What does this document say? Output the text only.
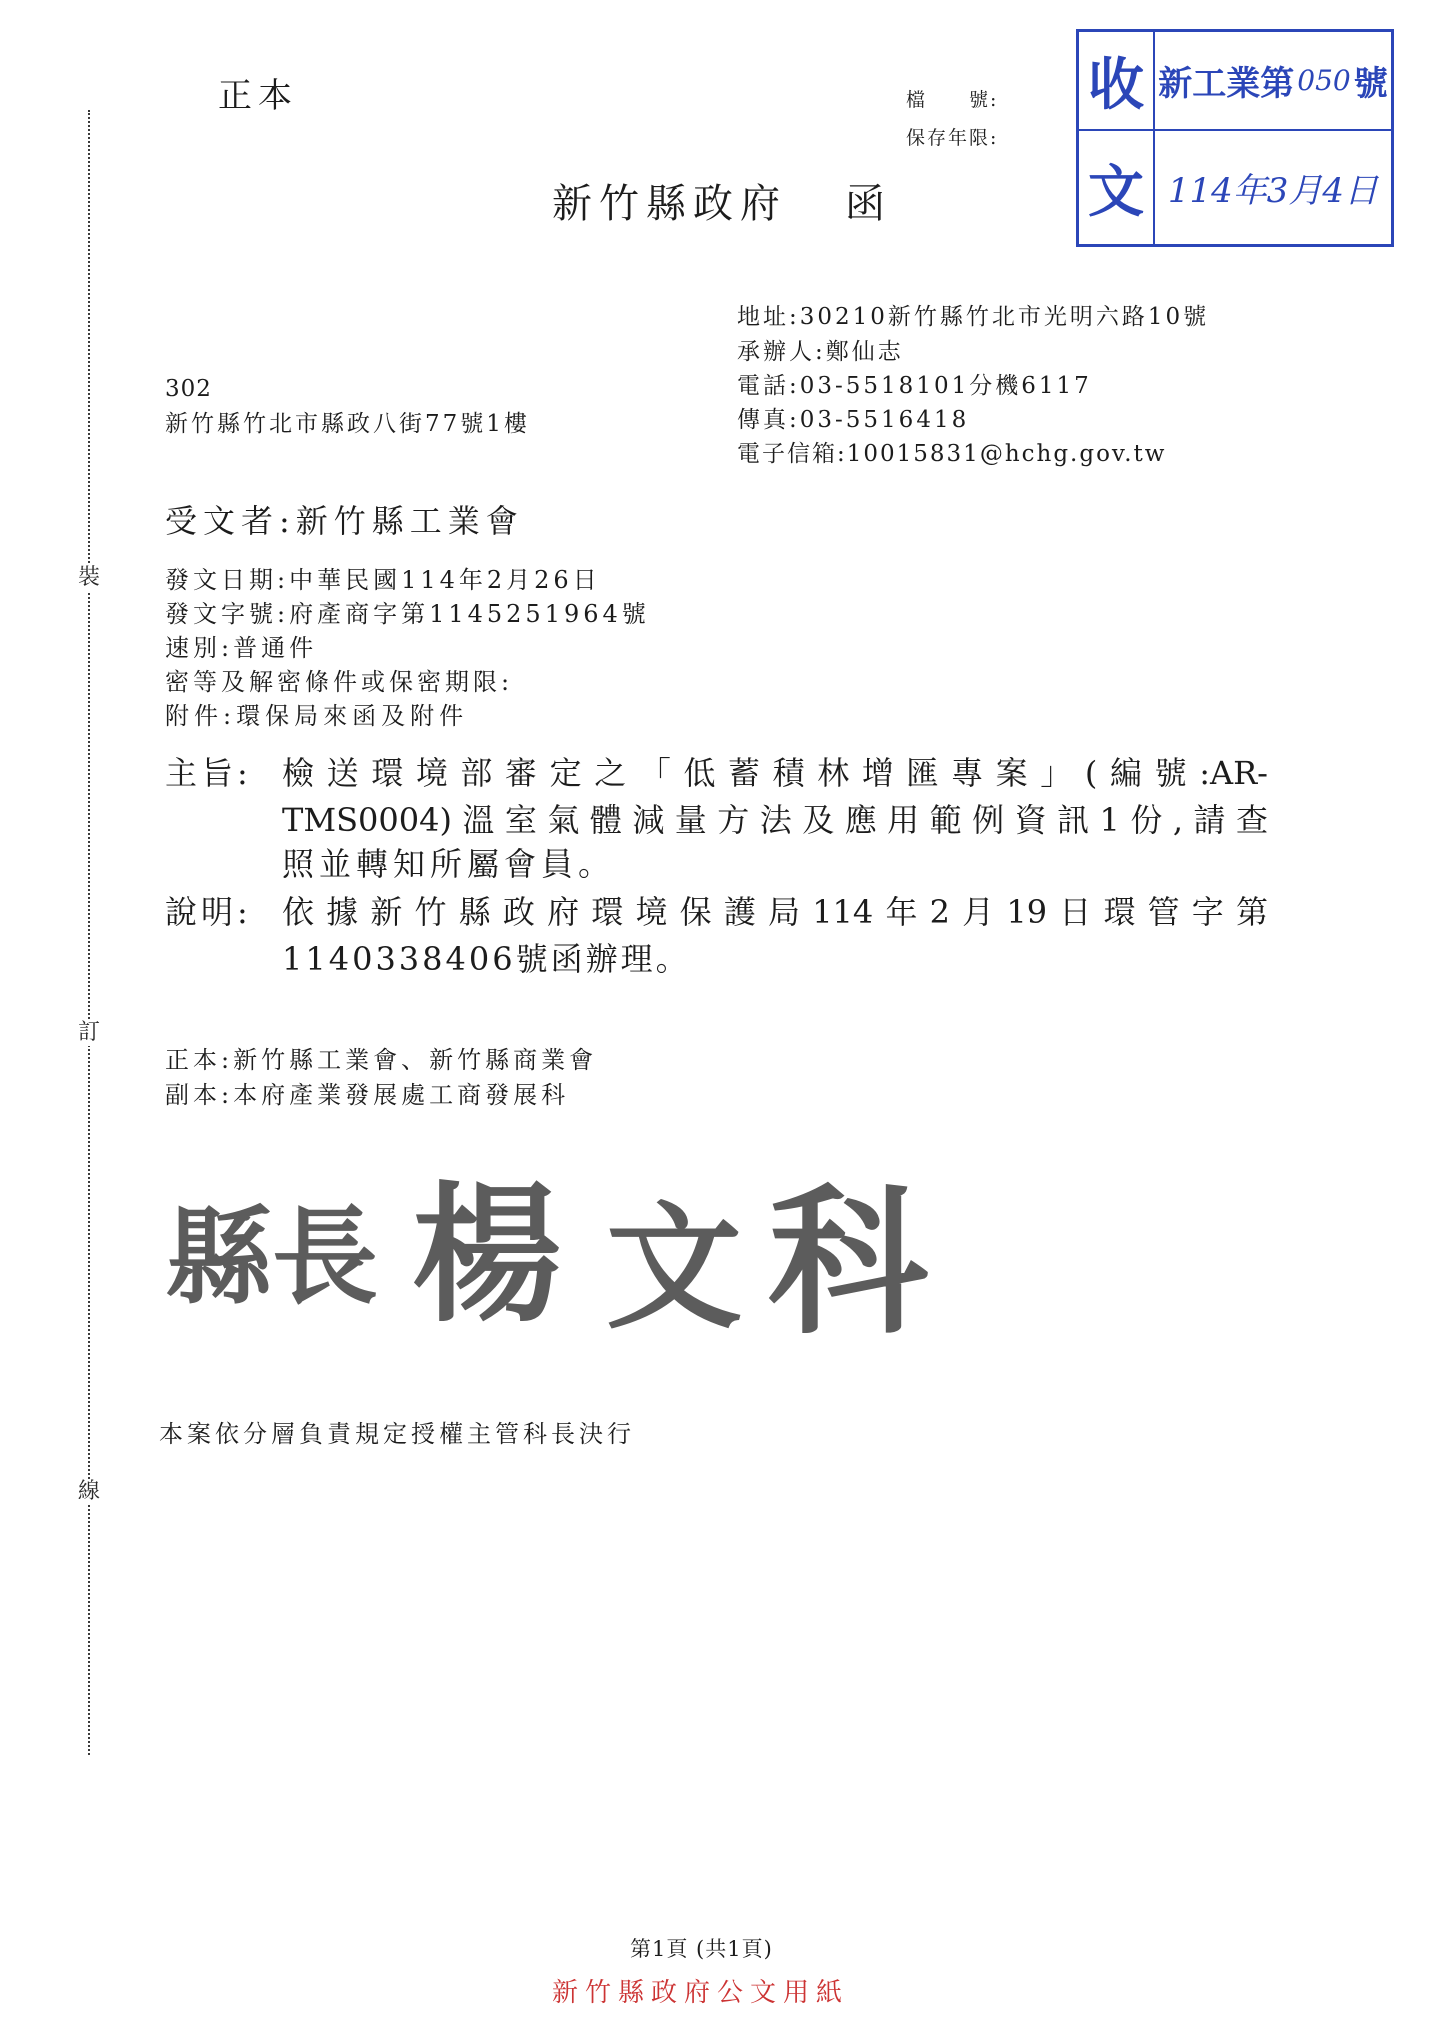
裝
訂
線
正本	檔　　號:
保存年限:
新竹縣政府 函
收 新工業第 050 號
文 114年3月4日
地址:30210新竹縣竹北市光明六路10號
承辦人:鄭仙志
電話:03-5518101分機6117
傳真:03-5516418
電子信箱:10015831@hchg.gov.tw
302
新竹縣竹北市縣政八街77號1樓
受文者:新竹縣工業會
發文日期:中華民國114年2月26日
發文字號:府產商字第1145251964號
速別:普通件
密等及解密條件或保密期限:
附件:環保局來函及附件
主旨: 檢送環境部審定之「低蓄積林增匯專案」(編號:AR-
TMS0004)溫室氣體減量方法及應用範例資訊1份,請查
照並轉知所屬會員。
說明: 依據新竹縣政府環境保護局114年2月19日環管字第
1140338406號函辦理。
正本:新竹縣工業會、新竹縣商業會
副本:本府產業發展處工商發展科
縣長 楊 文 科
本案依分層負責規定授權主管科長決行
第1頁 (共1頁)
新竹縣政府公文用紙
